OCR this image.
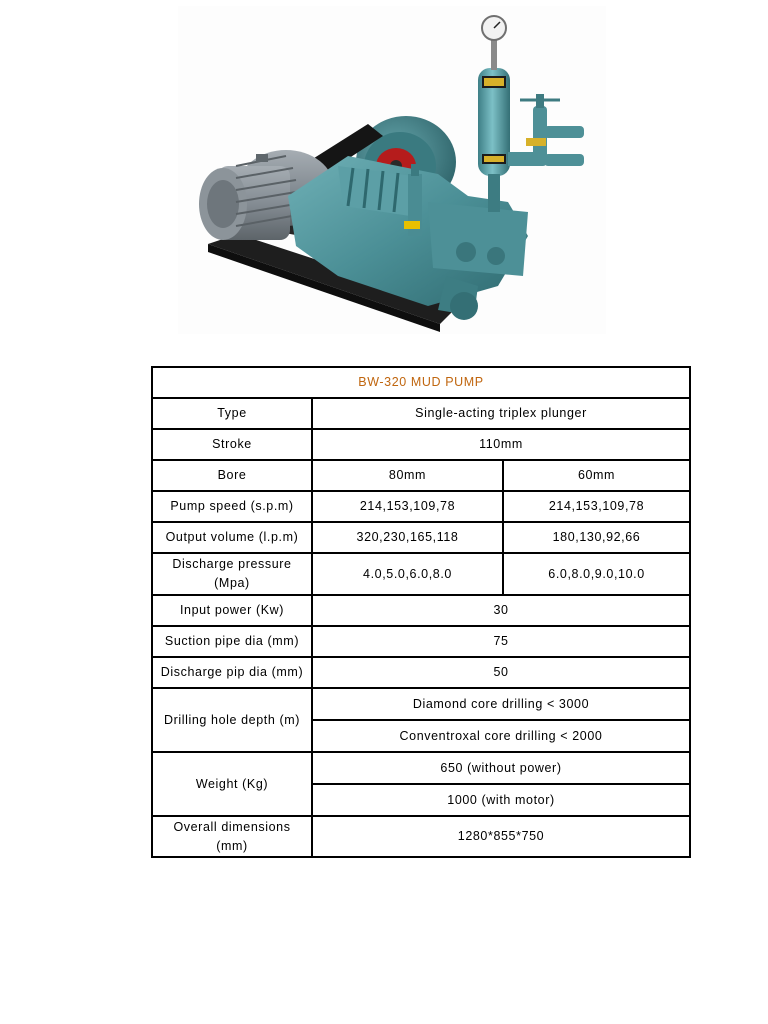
BW-320 MUD PUMP		
Type	Single-acting triplex plunger	
Stroke	110mm	
Bore	80mm	60mm
Pump speed (s.p.m)	214,153,109,78	214,153,109,78
Output volume (l.p.m)	320,230,165,118	180,130,92,66
Discharge pressure (Mpa)	4.0,5.0,6.0,8.0	6.0,8.0,9.0,10.0
Input power (Kw)	30	
Suction pipe dia (mm)	75	
Discharge pip dia (mm)	50	
Drilling hole depth (m)	Diamond core drilling < 3000	
	Conventroxal core drilling < 2000	
Weight (Kg)	650 (without power)	
	1000 (with motor)	
Overall dimensions (mm)	1280*855*750	
